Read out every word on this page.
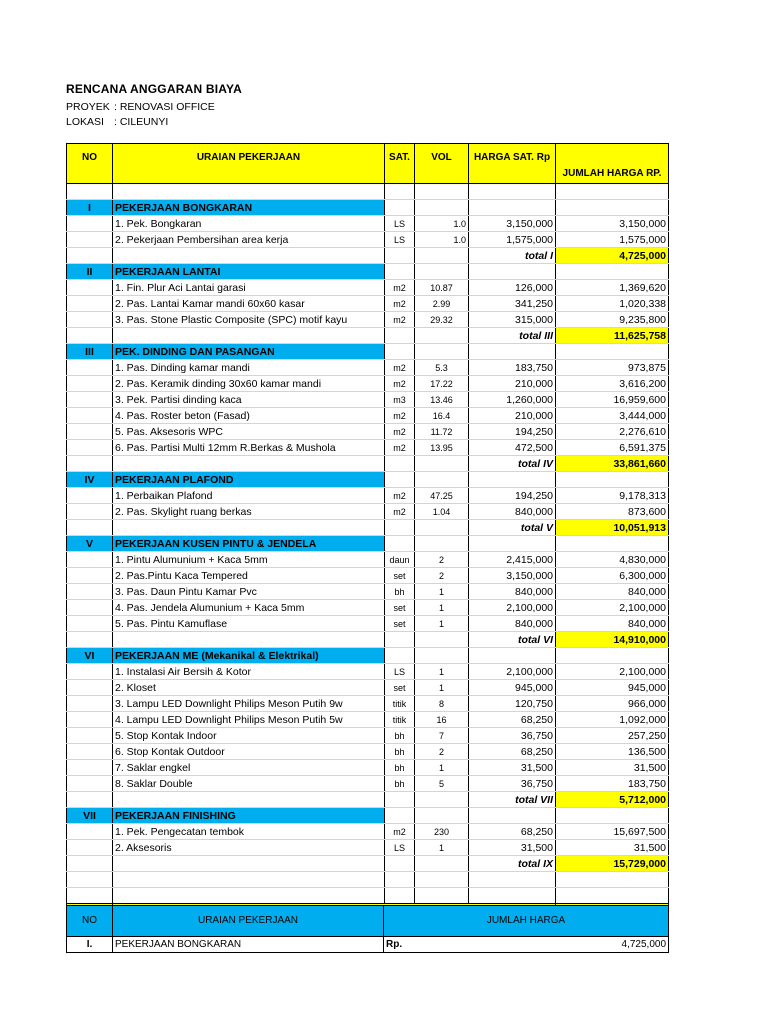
RENCANA ANGGARAN BIAYA
PROYEK : RENOVASI OFFICE
LOKASI : CILEUNYI
NO	URAIAN PEKERJAAN	SAT.	VOL	HARGA SAT. Rp	JUMLAH HARGA RP.

I	PEKERJAAN BONGKARAN				
	1. Pek. Bongkaran	LS	1.0	3,150,000	3,150,000
	2. Pekerjaan Pembersihan area kerja	LS	1.0	1,575,000	1,575,000
				total I	4,725,000
II	PEKERJAAN LANTAI				
	1. Fin. Plur Aci Lantai garasi	m2	10.87	126,000	1,369,620
	2. Pas. Lantai Kamar mandi 60x60 kasar	m2	2.99	341,250	1,020,338
	3. Pas. Stone Plastic Composite (SPC) motif kayu	m2	29.32	315,000	9,235,800
				total III	11,625,758
III	PEK. DINDING DAN PASANGAN				
	1. Pas. Dinding kamar mandi	m2	5.3	183,750	973,875
	2. Pas. Keramik dinding 30x60 kamar mandi	m2	17.22	210,000	3,616,200
	3. Pek. Partisi dinding kaca	m3	13.46	1,260,000	16,959,600
	4. Pas. Roster beton (Fasad)	m2	16.4	210,000	3,444,000
	5. Pas. Aksesoris WPC	m2	11.72	194,250	2,276,610
	6. Pas. Partisi Multi 12mm R.Berkas & Mushola	m2	13.95	472,500	6,591,375
				total IV	33,861,660
IV	PEKERJAAN PLAFOND				
	1. Perbaikan Plafond	m2	47.25	194,250	9,178,313
	2. Pas. Skylight ruang berkas	m2	1.04	840,000	873,600
				total V	10,051,913
V	PEKERJAAN KUSEN PINTU & JENDELA				
	1. Pintu Alumunium + Kaca 5mm	daun	2	2,415,000	4,830,000
	2. Pas.Pintu Kaca Tempered	set	2	3,150,000	6,300,000
	3. Pas. Daun Pintu Kamar Pvc	bh	1	840,000	840,000
	4. Pas. Jendela Alumunium + Kaca 5mm	set	1	2,100,000	2,100,000
	5. Pas. Pintu Kamuflase	set	1	840,000	840,000
				total VI	14,910,000
VI	PEKERJAAN ME (Mekanikal & Elektrikal)				
	1. Instalasi Air Bersih & Kotor	LS	1	2,100,000	2,100,000
	2. Kloset	set	1	945,000	945,000
	3. Lampu LED Downlight Philips Meson Putih 9w	titik	8	120,750	966,000
	4. Lampu LED Downlight Philips Meson Putih 5w	titik	16	68,250	1,092,000
	5. Stop Kontak Indoor	bh	7	36,750	257,250
	6. Stop Kontak Outdoor	bh	2	68,250	136,500
	7. Saklar engkel	bh	1	31,500	31,500
	8. Saklar Double	bh	5	36,750	183,750
				total VII	5,712,000
VII	PEKERJAAN FINISHING				
	1. Pek. Pengecatan tembok	m2	230	68,250	15,697,500
	2. Aksesoris	LS	1	31,500	31,500
				total IX	15,729,000

NO	URAIAN PEKERJAAN	JUMLAH HARGA	
I.	PEKERJAAN BONGKARAN	Rp.	4,725,000
